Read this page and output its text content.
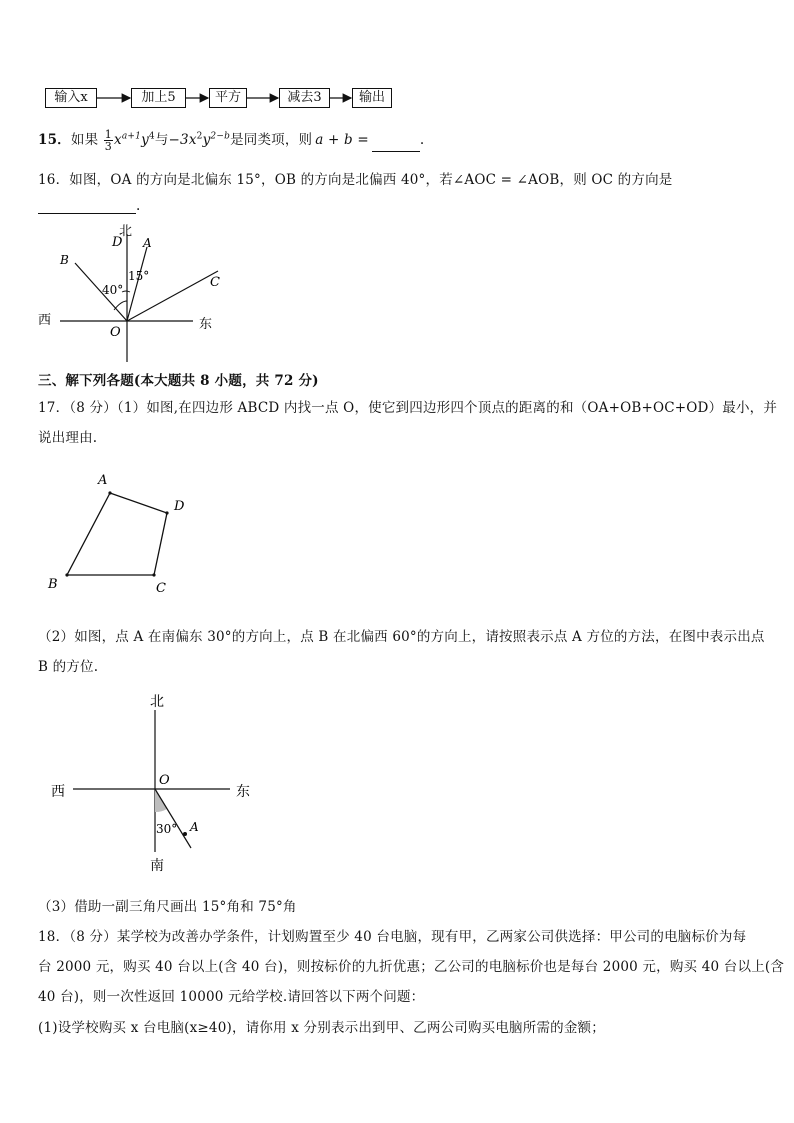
输入x	加上5	平方	减去3	输出
15．如果 $\frac{1}{3} x^{a+1}y^4$与$-3x^2y^{2-b}$是同类项，则 a + b =	.
16．如图，OA 的方向是北偏东 15°，OB 的方向是北偏西 40°，若∠AOC = ∠AOB，则 OC 的方向是
.
北
D A
B
C
15°
40°
西	东
O
三、解下列各题(本大题共 8 小题，共 72 分)
17．（8 分）（1）如图,在四边形 ABCD 内找一点 O，使它到四边形四个顶点的距离的和（OA+OB+OC+OD）最小，并
说出理由.
A
D
B	C
（2）如图，点 A 在南偏东 30°的方向上，点 B 在北偏西 60°的方向上，请按照表示点 A 方位的方法，在图中表示出点
B 的方位.
北
西	东
O
A
30°
南
（3）借助一副三角尺画出 15°角和 75°角
18．（8 分）某学校为改善办学条件，计划购置至少 40 台电脑，现有甲，乙两家公司供选择：甲公司的电脑标价为每
台 2000 元，购买 40 台以上(含 40 台)，则按标价的九折优惠；乙公司的电脑标价也是每台 2000 元，购买 40 台以上(含
40 台)，则一次性返回 10000 元给学校.请回答以下两个问题：
(1)设学校购买 x 台电脑(x≥40)，请你用 x 分别表示出到甲、乙两公司购买电脑所需的金额；
